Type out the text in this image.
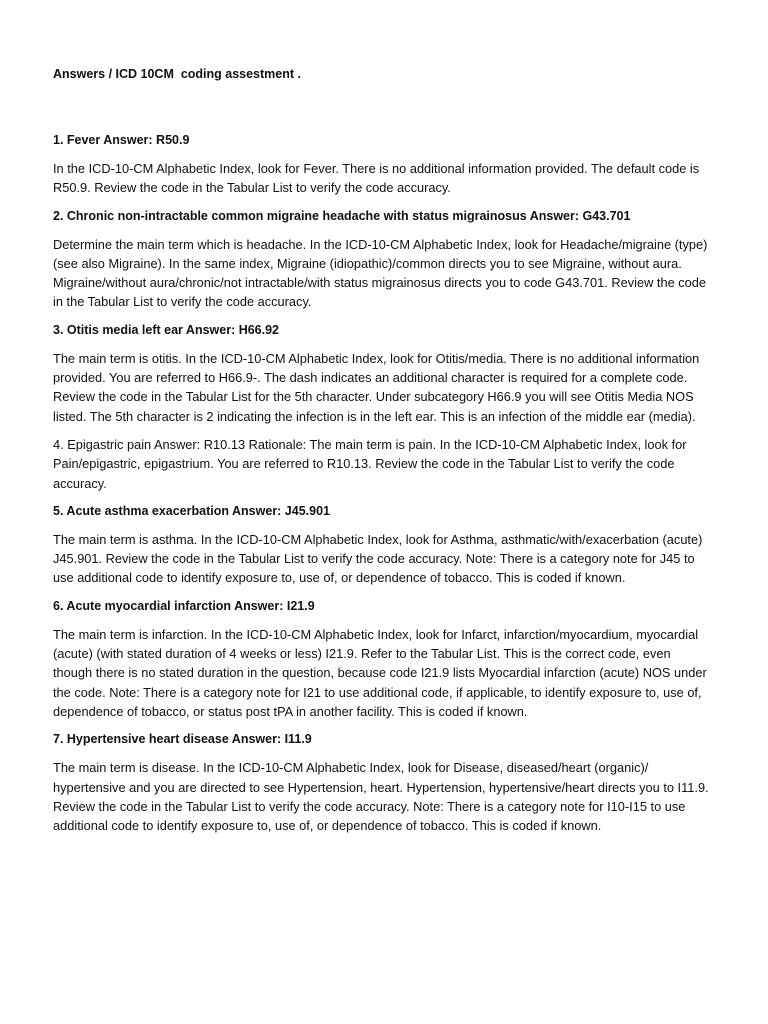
Answers / ICD 10CM  coding assestment .
1. Fever Answer: R50.9
In the ICD-10-CM Alphabetic Index, look for Fever. There is no additional information provided. The default code is R50.9. Review the code in the Tabular List to verify the code accuracy.
2. Chronic non-intractable common migraine headache with status migrainosus Answer: G43.701
Determine the main term which is headache. In the ICD-10-CM Alphabetic Index, look for Headache/migraine (type) (see also Migraine). In the same index, Migraine (idiopathic)/common directs you to see Migraine, without aura. Migraine/without aura/chronic/not intractable/with status migrainosus directs you to code G43.701. Review the code in the Tabular List to verify the code accuracy.
3. Otitis media left ear Answer: H66.92
The main term is otitis. In the ICD-10-CM Alphabetic Index, look for Otitis/media. There is no additional information provided. You are referred to H66.9-. The dash indicates an additional character is required for a complete code. Review the code in the Tabular List for the 5th character. Under subcategory H66.9 you will see Otitis Media NOS listed. The 5th character is 2 indicating the infection is in the left ear. This is an infection of the middle ear (media).
4. Epigastric pain Answer: R10.13 Rationale: The main term is pain. In the ICD-10-CM Alphabetic Index, look for Pain/epigastric, epigastrium. You are referred to R10.13. Review the code in the Tabular List to verify the code accuracy.
5. Acute asthma exacerbation Answer: J45.901
The main term is asthma. In the ICD-10-CM Alphabetic Index, look for Asthma, asthmatic/with/exacerbation (acute) J45.901. Review the code in the Tabular List to verify the code accuracy. Note: There is a category note for J45 to use additional code to identify exposure to, use of, or dependence of tobacco. This is coded if known.
6. Acute myocardial infarction Answer: I21.9
The main term is infarction. In the ICD-10-CM Alphabetic Index, look for Infarct, infarction/myocardium, myocardial (acute) (with stated duration of 4 weeks or less) I21.9. Refer to the Tabular List. This is the correct code, even though there is no stated duration in the question, because code I21.9 lists Myocardial infarction (acute) NOS under the code. Note: There is a category note for I21 to use additional code, if applicable, to identify exposure to, use of, dependence of tobacco, or status post tPA in another facility. This is coded if known.
7. Hypertensive heart disease Answer: I11.9
The main term is disease. In the ICD-10-CM Alphabetic Index, look for Disease, diseased/heart (organic)/ hypertensive and you are directed to see Hypertension, heart. Hypertension, hypertensive/heart directs you to I11.9. Review the code in the Tabular List to verify the code accuracy. Note: There is a category note for I10-I15 to use additional code to identify exposure to, use of, or dependence of tobacco. This is coded if known.
